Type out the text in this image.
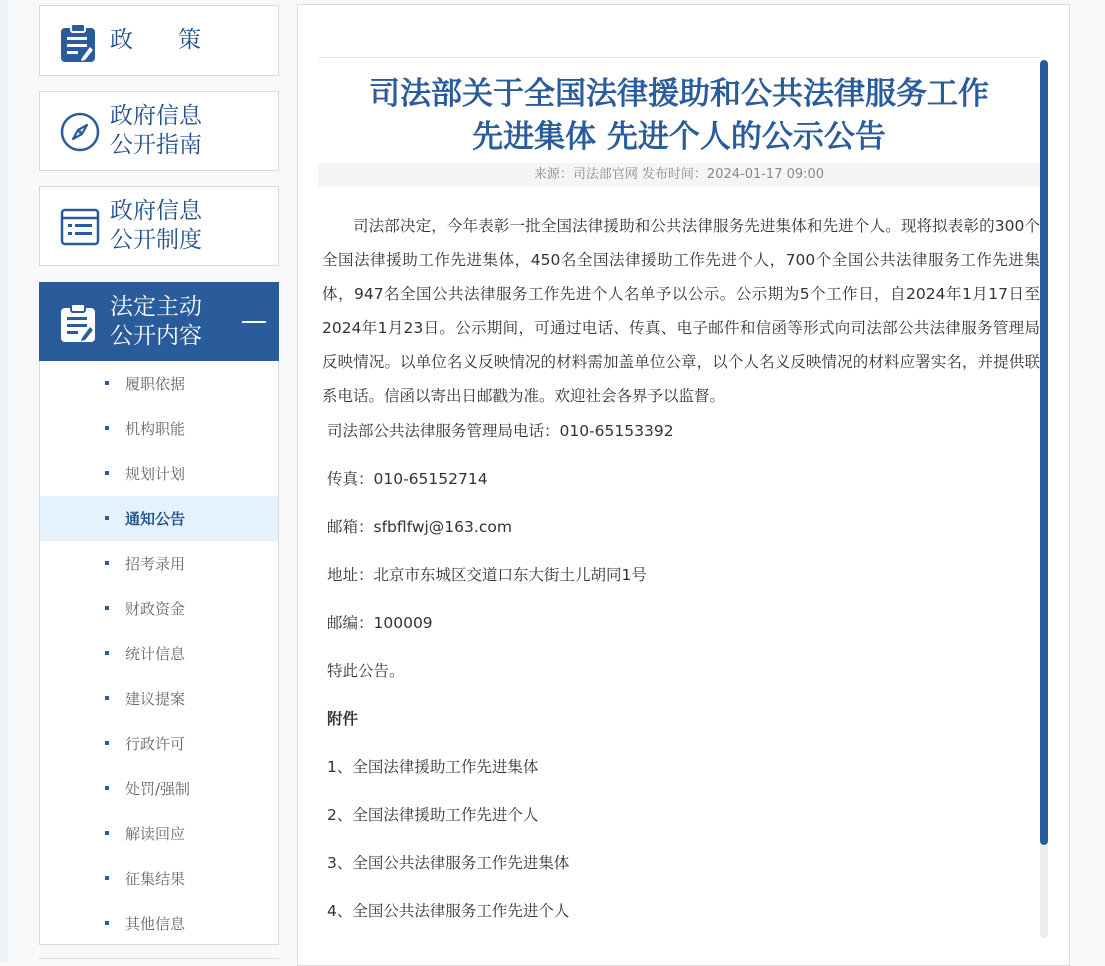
政策
政府信息
公开指南
政府信息
公开制度
法定主动
公开内容
履职依据
机构职能
规划计划
通知公告
招考录用
财政资金
统计信息
建议提案
行政许可
处罚/强制
解读回应
征集结果
其他信息
司法部关于全国法律援助和公共法律服务工作
先进集体 先进个人的公示公告
来源：司法部官网 发布时间：2024-01-17 09:00

司法部决定，今年表彰一批全国法律援助和公共法律服务先进集体和先进个人。现将拟表彰的300个全国法律援助工作先进集体，450名全国法律援助工作先进个人，700个全国公共法律服务工作先进集体，947名全国公共法律服务工作先进个人名单予以公示。公示期为5个工作日，自2024年1月17日至2024年1月23日。公示期间，可通过电话、传真、电子邮件和信函等形式向司法部公共法律服务管理局反映情况。以单位名义反映情况的材料需加盖单位公章，以个人名义反映情况的材料应署实名，并提供联系电话。信函以寄出日邮戳为准。欢迎社会各界予以监督。

司法部公共法律服务管理局电话：010-65153392
传真：010-65152714
邮箱：sfbflfwj@163.com
地址：北京市东城区交道口东大街土儿胡同1号
邮编：100009
特此公告。
附件
1、全国法律援助工作先进集体
2、全国法律援助工作先进个人
3、全国公共法律服务工作先进集体
4、全国公共法律服务工作先进个人
